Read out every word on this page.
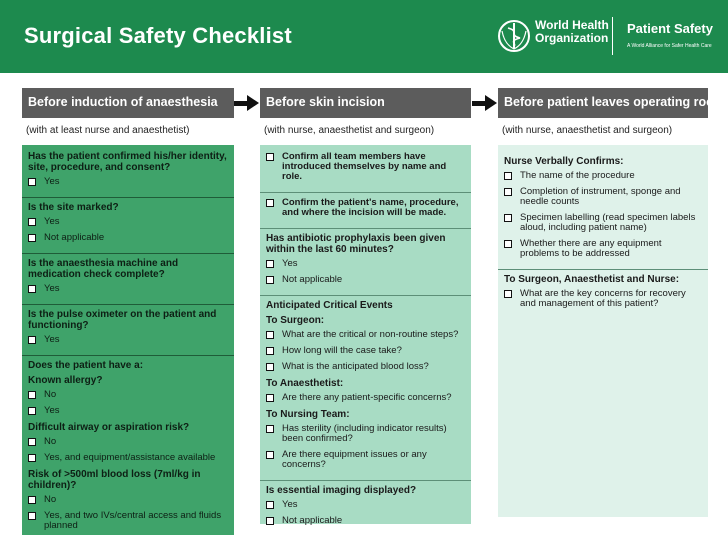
Surgical Safety Checklist	World Health
Organization
Patient Safety
A World Alliance for Safer Health Care
Before induction of anaesthesia	Before skin incision	Before patient leaves operating room
(with at least nurse and anaesthetist)	(with nurse, anaesthetist and surgeon)	(with nurse, anaesthetist and surgeon)
Has the patient confirmed his/her identity, site, procedure, and consent?
Yes
Is the site marked?
Yes
Not applicable
Is the anaesthesia machine and medication check complete?
Yes
Is the pulse oximeter on the patient and functioning?
Yes
Does the patient have a:
Known allergy?
No
Yes
Difficult airway or aspiration risk?
No
Yes, and equipment/assistance available
Risk of >500ml blood loss (7ml/kg in children)?
No
Yes, and two IVs/central access and fluids planned
Confirm all team members have introduced themselves by name and role.
Confirm the patient's name, procedure, and where the incision will be made.
Has antibiotic prophylaxis been given within the last 60 minutes?
Yes
Not applicable
Anticipated Critical Events
To Surgeon:
What are the critical or non-routine steps?
How long will the case take?
What is the anticipated blood loss?
To Anaesthetist:
Are there any patient-specific concerns?
To Nursing Team:
Has sterility (including indicator results) been confirmed?
Are there equipment issues or any concerns?
Is essential imaging displayed?
Yes
Not applicable
Nurse Verbally Confirms:
The name of the procedure
Completion of instrument, sponge and needle counts
Specimen labelling (read specimen labels aloud, including patient name)
Whether there are any equipment problems to be addressed
To Surgeon, Anaesthetist and Nurse:
What are the key concerns for recovery and management of this patient?
